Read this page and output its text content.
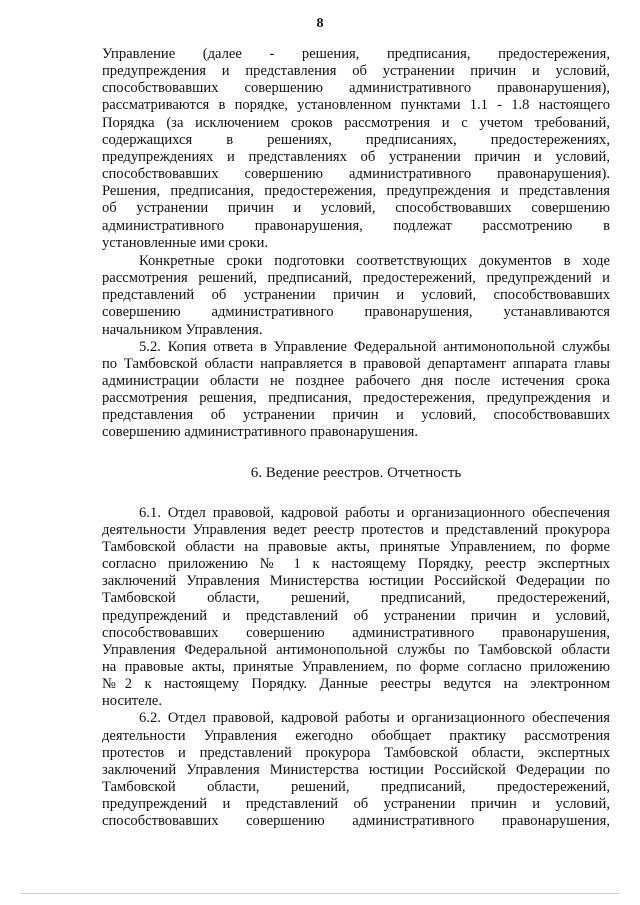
8
Управление (далее - решения, предписания, предостережения,
предупреждения и представления об устранении причин и условий,
способствовавших совершению административного правонарушения),
рассматриваются в порядке, установленном пунктами 1.1 - 1.8 настоящего
Порядка (за исключением сроков рассмотрения и с учетом требований,
содержащихся в решениях, предписаниях, предостережениях,
предупреждениях и представлениях об устранении причин и условий,
способствовавших совершению административного правонарушения).
Решения, предписания, предостережения, предупреждения и представления
об устранении причин и условий, способствовавших совершению
административного правонарушения, подлежат рассмотрению в
установленные ими сроки.
Конкретные сроки подготовки соответствующих документов в ходе
рассмотрения решений, предписаний, предостережений, предупреждений и
представлений об устранении причин и условий, способствовавших
совершению административного правонарушения, устанавливаются
начальником Управления.
5.2. Копия ответа в Управление Федеральной антимонопольной службы
по Тамбовской области направляется в правовой департамент аппарата главы
администрации области не позднее рабочего дня после истечения срока
рассмотрения решения, предписания, предостережения, предупреждения и
представления об устранении причин и условий, способствовавших
совершению административного правонарушения.
6. Ведение реестров. Отчетность
6.1. Отдел правовой, кадровой работы и организационного обеспечения
деятельности Управления ведет реестр протестов и представлений прокурора
Тамбовской области на правовые акты, принятые Управлением, по форме
согласно приложению № 1 к настоящему Порядку, реестр экспертных
заключений Управления Министерства юстиции Российской Федерации по
Тамбовской области, решений, предписаний, предостережений,
предупреждений и представлений об устранении причин и условий,
способствовавших совершению административного правонарушения,
Управления Федеральной антимонопольной службы по Тамбовской области
на правовые акты, принятые Управлением, по форме согласно приложению
№2 к настоящему Порядку. Данные реестры ведутся на электронном
носителе.
6.2. Отдел правовой, кадровой работы и организационного обеспечения
деятельности Управления ежегодно обобщает практику рассмотрения
протестов и представлений прокурора Тамбовской области, экспертных
заключений Управления Министерства юстиции Российской Федерации по
Тамбовской области, решений, предписаний, предостережений,
предупреждений и представлений об устранении причин и условий,
способствовавших совершению административного правонарушения,
